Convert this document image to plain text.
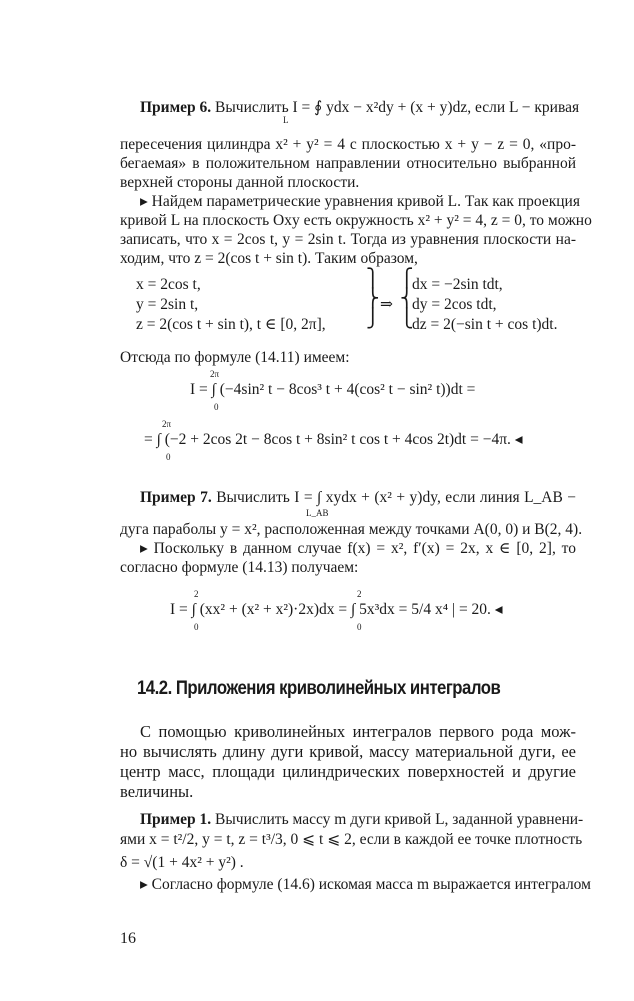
Пример 6. Вычислить I = ∮ ydx − x²dy + (x + y)dz, если L − кривая
пересечения цилиндра x² + y² = 4 с плоскостью x + y − z = 0, «про-
бегаемая» в положительном направлении относительно выбранной
верхней стороны данной плоскости.
▸ Найдем параметрические уравнения кривой L. Так как проекция
кривой L на плоскость Oxy есть окружность x² + y² = 4, z = 0, то можно
записать, что x = 2cos t, y = 2sin t. Тогда из уравнения плоскости на-
ходим, что z = 2(cos t + sin t). Таким образом,
Отсюда по формуле (14.11) имеем:
Пример 7. Вычислить I = ∫ xydx + (x² + y)dy, если линия L_AB −
дуга параболы y = x², расположенная между точками A(0, 0) и B(2, 4).
▸ Поскольку в данном случае f(x) = x², f′(x) = 2x, x ∈ [0, 2], то
согласно формуле (14.13) получаем:
С помощью криволинейных интегралов первого рода мож-
но вычислять длину дуги кривой, массу материальной дуги, ее
центр масс, площади цилиндрических поверхностей и другие
величины.
Пример 1. Вычислить массу m дуги кривой L, заданной уравнени-
ями x = t²/2, y = t, z = t³/3, 0 ⩽ t ⩽ 2, если в каждой ее точке плотность
δ = √(1 + 4x² + y²) .
▸ Согласно формуле (14.6) искомая масса m выражается интегралом
L
L_AB
x = 2cos t,
y = 2sin t,
z = 2(cos t + sin t), t ∈ [0, 2π],
⎫
⎬
⎭
⇒
⎧
⎨
⎩
dx = −2sin tdt,
dy = 2cos tdt,
dz = 2(−sin t + cos t)dt.
I = ∫ (−4sin² t − 8cos³ t + 4(cos² t − sin² t))dt =
2π
0
= ∫ (−2 + 2cos 2t − 8cos t + 8sin² t cos t + 4cos 2t)dt = −4π. ◂
2π
0
I = ∫ (xx² + (x² + x²)·2x)dx = ∫ 5x³dx = 5/4 x⁴ | = 20. ◂
2
0
2
0
14.2. Приложения криволинейных интегралов
16
